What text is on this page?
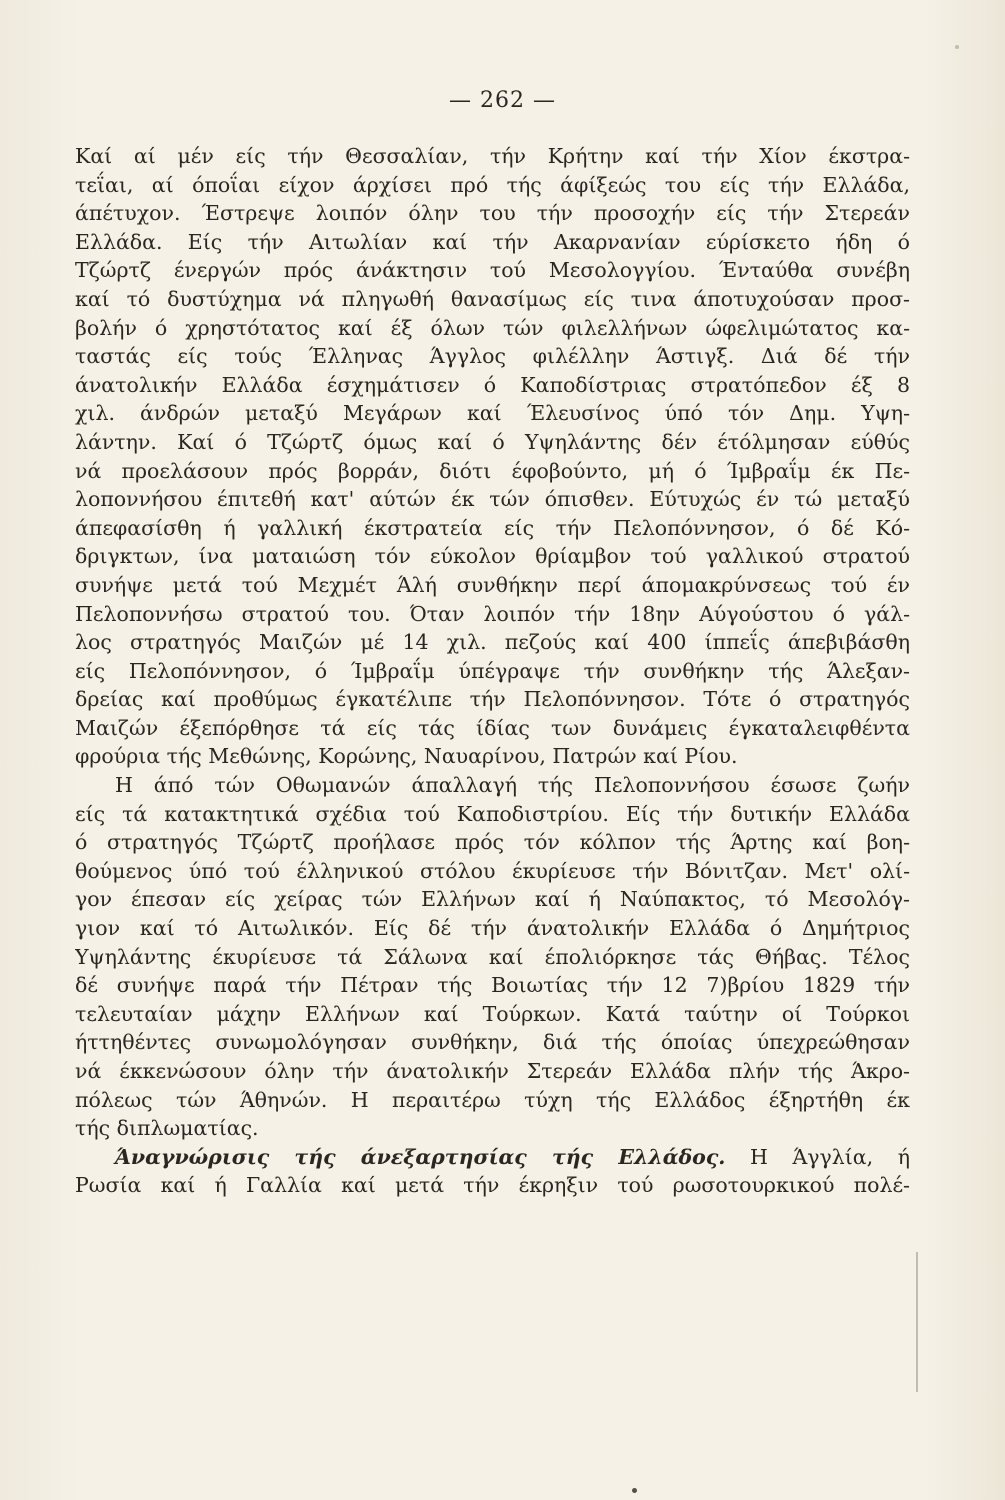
— 262 —
Καί αί μέν είς τήν Θεσσαλίαν, τήν Κρήτην καί τήν Χίον έκστρα-
τεΐαι, αί όποΐαι είχον άρχίσει πρό τής άφίξεώς του είς τήν Ελλάδα,
άπέτυχον. Έστρεψε λοιπόν όλην του τήν προσοχήν είς τήν Στερεάν
Ελλάδα. Είς τήν Αιτωλίαν καί τήν Ακαρνανίαν εύρίσκετο ήδη ό
Τζώρτζ ένεργών πρός άνάκτησιν τού Μεσολογγίου. Ένταύθα συνέβη
καί τό δυστύχημα νά πληγωθή θανασίμως είς τινα άποτυχούσαν προσ-
βολήν ό χρηστότατος καί έξ όλων τών φιλελλήνων ώφελιμώτατος κα-
ταστάς είς τούς Έλληνας Άγγλος φιλέλλην Άστιγξ. Διά δέ τήν
άνατολικήν Ελλάδα έσχημάτισεν ό Καποδίστριας στρατόπεδον έξ 8
χιλ. άνδρών μεταξύ Μεγάρων καί Έλευσίνος ύπό τόν Δημ. Υψη-
λάντην. Καί ό Τζώρτζ όμως καί ό Υψηλάντης δέν έτόλμησαν εύθύς
νά προελάσουν πρός βορράν, διότι έφοβούντο, μή ό Ίμβραΐμ έκ Πε-
λοποννήσου έπιτεθή κατ' αύτών έκ τών όπισθεν. Εύτυχώς έν τώ μεταξύ
άπεφασίσθη ή γαλλική έκστρατεία είς τήν Πελοπόννησον, ό δέ Κό-
δριγκτων, ίνα ματαιώση τόν εύκολον θρίαμβον τού γαλλικού στρατού
συνήψε μετά τού Μεχμέτ Άλή συνθήκην περί άπομακρύνσεως τού έν
Πελοποννήσω στρατού του. Όταν λοιπόν τήν 18ην Αύγούστου ό γάλ-
λος στρατηγός Μαιζών μέ 14 χιλ. πεζούς καί 400 ίππεΐς άπεβιβάσθη
είς Πελοπόννησον, ό Ίμβραΐμ ύπέγραψε τήν συνθήκην τής Άλεξαν-
δρείας καί προθύμως έγκατέλιπε τήν Πελοπόννησον. Τότε ό στρατηγός
Μαιζών έξεπόρθησε τά είς τάς ίδίας των δυνάμεις έγκαταλειφθέντα
φρούρια τής Μεθώνης, Κορώνης, Ναυαρίνου, Πατρών καί Ρίου.
Η άπό τών Οθωμανών άπαλλαγή τής Πελοποννήσου έσωσε ζωήν
είς τά κατακτητικά σχέδια τού Καποδιστρίου. Είς τήν δυτικήν Ελλάδα
ό στρατηγός Τζώρτζ προήλασε πρός τόν κόλπον τής Άρτης καί βοη-
θούμενος ύπό τού έλληνικού στόλου έκυρίευσε τήν Βόνιτζαν. Μετ' ολί-
γον έπεσαν είς χείρας τών Ελλήνων καί ή Ναύπακτος, τό Μεσολόγ-
γιον καί τό Αιτωλικόν. Είς δέ τήν άνατολικήν Ελλάδα ό Δημήτριος
Υψηλάντης έκυρίευσε τά Σάλωνα καί έπολιόρκησε τάς Θήβας. Τέλος
δέ συνήψε παρά τήν Πέτραν τής Βοιωτίας τήν 12 7)βρίου 1829 τήν
τελευταίαν μάχην Ελλήνων καί Τούρκων. Κατά ταύτην οί Τούρκοι
ήττηθέντες συνωμολόγησαν συνθήκην, διά τής όποίας ύπεχρεώθησαν
νά έκκενώσουν όλην τήν άνατολικήν Στερεάν Ελλάδα πλήν τής Άκρο-
πόλεως τών Άθηνών. Η περαιτέρω τύχη τής Ελλάδος έξηρτήθη έκ
τής διπλωματίας.
Άναγνώρισις τής άνεξαρτησίας τής Ελλάδος. Η Άγγλία, ή
Ρωσία καί ή Γαλλία καί μετά τήν έκρηξιν τού ρωσοτουρκικού πολέ-
